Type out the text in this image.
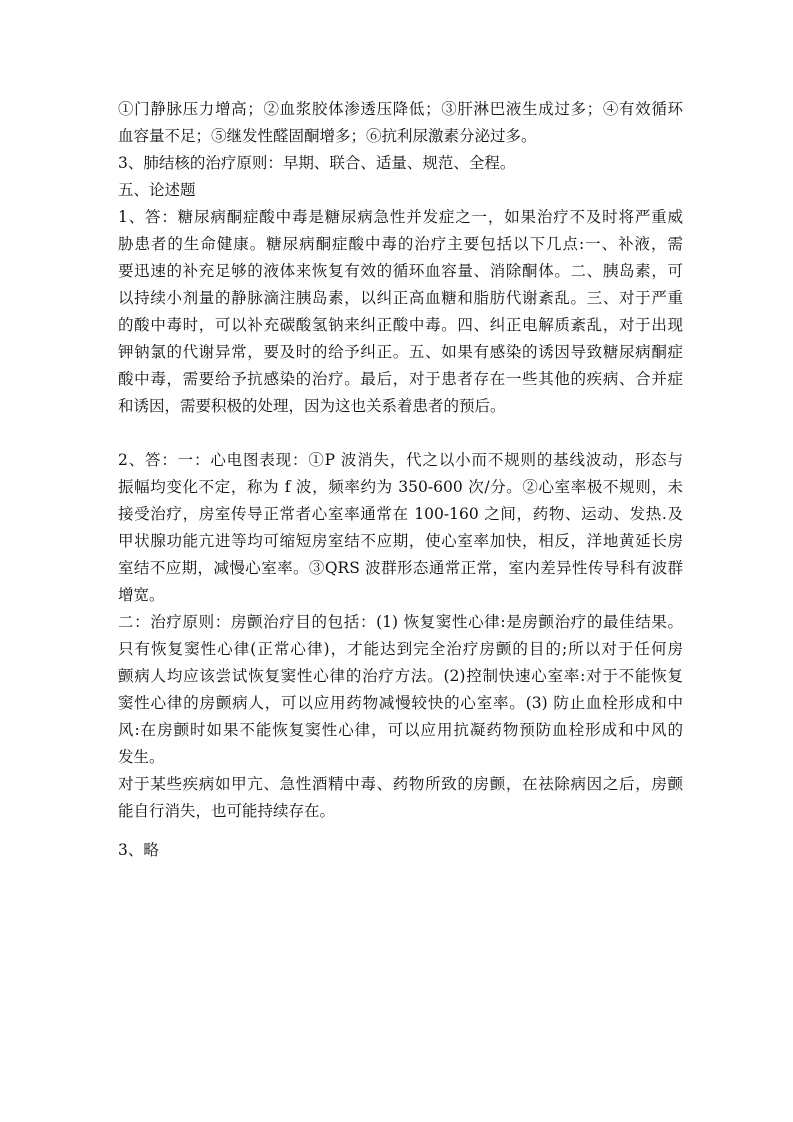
①门静脉压力增高；②血浆胶体渗透压降低；③肝淋巴液生成过多；④有效循环
血容量不足；⑤继发性醛固酮增多；⑥抗利尿激素分泌过多。
3、肺结核的治疗原则：早期、联合、适量、规范、全程。
五、论述题
1、答：糖尿病酮症酸中毒是糖尿病急性并发症之一，如果治疗不及时将严重威
胁患者的生命健康。糖尿病酮症酸中毒的治疗主要包括以下几点:一、补液，需
要迅速的补充足够的液体来恢复有效的循环血容量、消除酮体。二、胰岛素，可
以持续小剂量的静脉滴注胰岛素，以纠正高血糖和脂肪代谢紊乱。三、对于严重
的酸中毒时，可以补充碳酸氢钠来纠正酸中毒。四、纠正电解质紊乱，对于出现
钾钠氯的代谢异常，要及时的给予纠正。五、如果有感染的诱因导致糖尿病酮症
酸中毒，需要给予抗感染的治疗。最后，对于患者存在一些其他的疾病、合并症
和诱因，需要积极的处理，因为这也关系着患者的预后。
2、答：一：心电图表现：①P 波消失，代之以小而不规则的基线波动，形态与
振幅均变化不定，称为 f 波，频率约为 350-600 次/分。②心室率极不规则，未
接受治疗，房室传导正常者心室率通常在 100-160 之间，药物、运动、发热.及
甲状腺功能亢进等均可缩短房室结不应期，使心室率加快，相反，洋地黄延长房
室结不应期，减慢心室率。③QRS 波群形态通常正常，室内差异性传导科有波群
增宽。
二：治疗原则：房颤治疗目的包括：(1) 恢复窦性心律:是房颤治疗的最佳结果。
只有恢复窦性心律(正常心律)，才能达到完全治疗房颤的目的;所以对于任何房
颤病人均应该尝试恢复窦性心律的治疗方法。(2)控制快速心室率:对于不能恢复
窦性心律的房颤病人，可以应用药物减慢较快的心室率。(3) 防止血栓形成和中
风:在房颤时如果不能恢复窦性心律，可以应用抗凝药物预防血栓形成和中风的
发生。
对于某些疾病如甲亢、急性酒精中毒、药物所致的房颤，在祛除病因之后，房颤
能自行消失，也可能持续存在。
3、略
